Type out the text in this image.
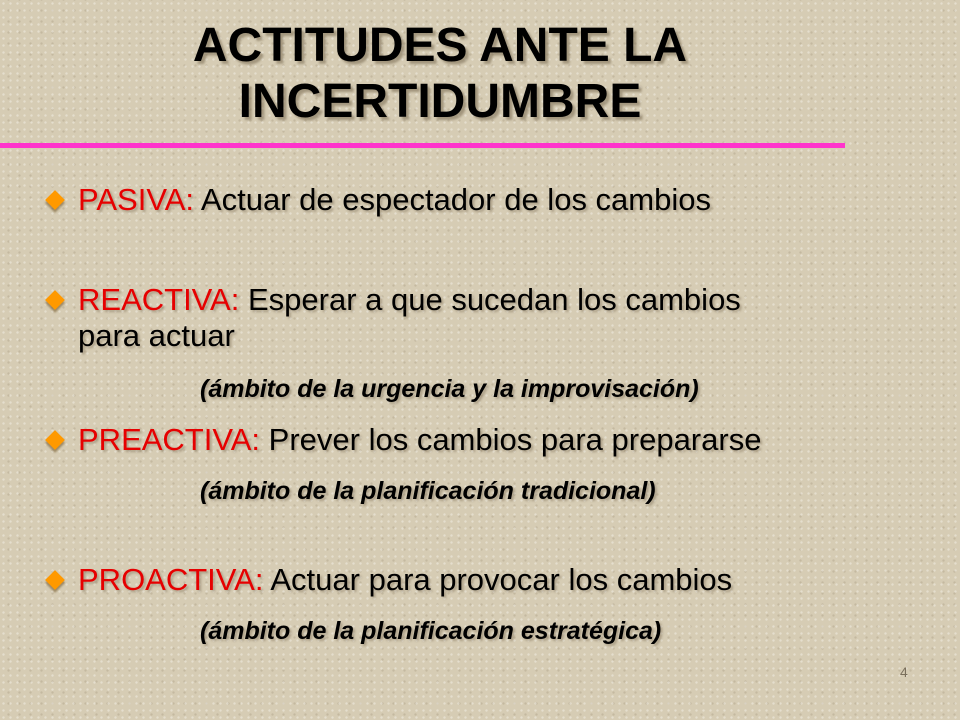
ACTITUDES ANTE LA
INCERTIDUMBRE
PASIVA: Actuar de espectador de los cambios
REACTIVA: Esperar a que sucedan los cambios
para actuar
(ámbito de la urgencia y la improvisación)
PREACTIVA: Prever los cambios para prepararse
(ámbito de la planificación tradicional)
PROACTIVA: Actuar para provocar los cambios
(ámbito de la planificación estratégica)
4
